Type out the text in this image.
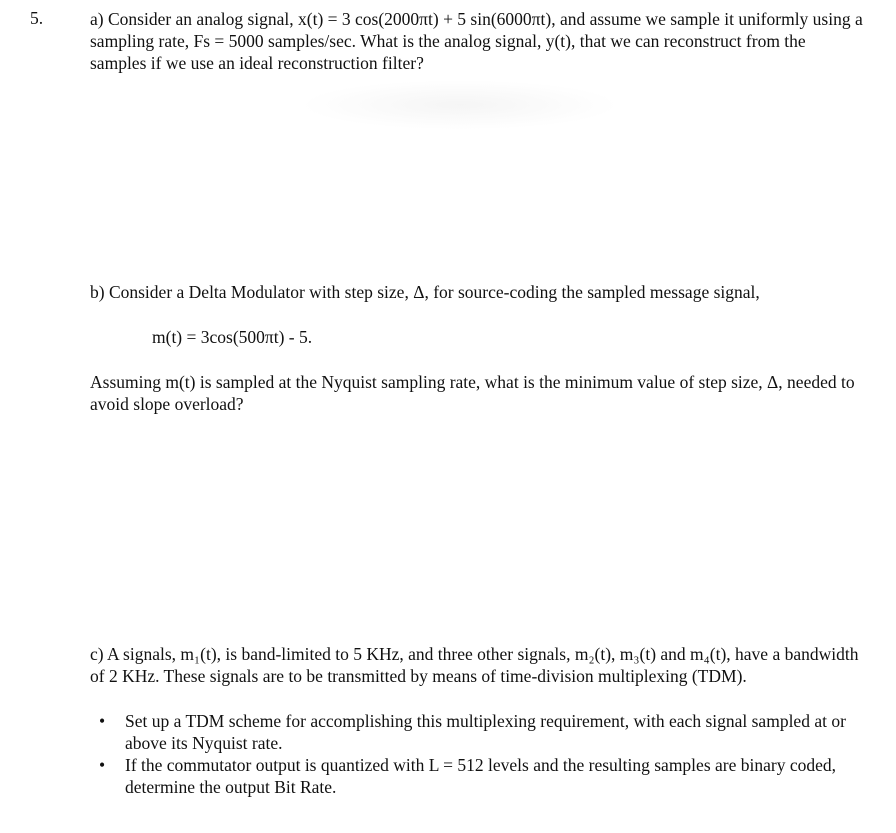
5.	a) Consider an analog signal, x(t) = 3 cos(2000πt) + 5 sin(6000πt), and assume we sample it uniformly using a sampling rate, Fs = 5000 samples/sec. What is the analog signal, y(t), that we can reconstruct from the samples if we use an ideal reconstruction filter?

b) Consider a Delta Modulator with step size, Δ, for source-coding the sampled message signal,

m(t) = 3cos(500πt) - 5.

Assuming m(t) is sampled at the Nyquist sampling rate, what is the minimum value of step size, Δ, needed to avoid slope overload?

c) A signals, m₁(t), is band-limited to 5 KHz, and three other signals, m₂(t), m₃(t) and m₄(t), have a bandwidth of 2 KHz. These signals are to be transmitted by means of time-division multiplexing (TDM).

• Set up a TDM scheme for accomplishing this multiplexing requirement, with each signal sampled at or above its Nyquist rate.
• If the commutator output is quantized with L = 512 levels and the resulting samples are binary coded, determine the output Bit Rate.
